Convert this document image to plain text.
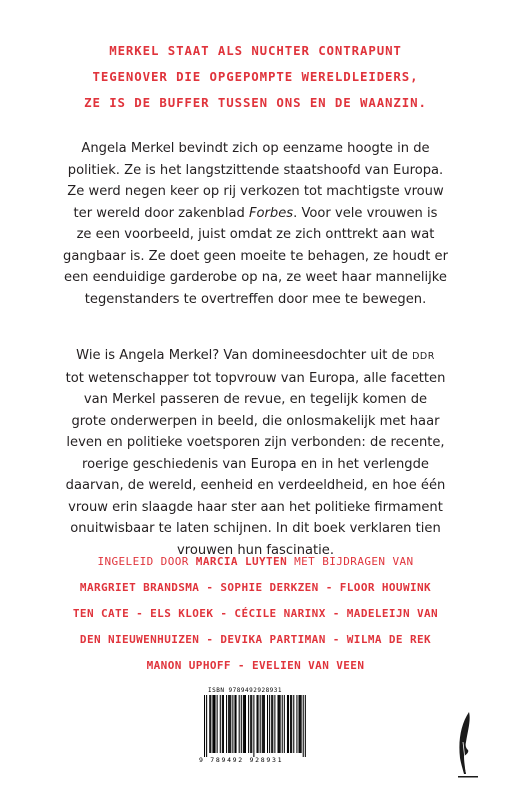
MERKEL STAAT ALS NUCHTER CONTRAPUNT
TEGENOVER DIE OPGEPOMPTE WERELDLEIDERS,
ZE IS DE BUFFER TUSSEN ONS EN DE WAANZIN.
Angela Merkel bevindt zich op eenzame hoogte in de
politiek. Ze is het langstzittende staatshoofd van Europa.
Ze werd negen keer op rij verkozen tot machtigste vrouw
ter wereld door zakenblad Forbes. Voor vele vrouwen is
ze een voorbeeld, juist omdat ze zich onttrekt aan wat
gangbaar is. Ze doet geen moeite te behagen, ze houdt er
een eenduidige garderobe op na, ze weet haar mannelijke
tegenstanders te overtreffen door mee te bewegen.
Wie is Angela Merkel? Van domineesdochter uit de DDR
tot wetenschapper tot topvrouw van Europa, alle facetten
van Merkel passeren de revue, en tegelijk komen de
grote onderwerpen in beeld, die onlosmakelijk met haar
leven en politieke voetsporen zijn verbonden: de recente,
roerige geschiedenis van Europa en in het verlengde
daarvan, de wereld, eenheid en verdeeldheid, en hoe één
vrouw erin slaagde haar ster aan het politieke firmament
onuitwisbaar te laten schijnen. In dit boek verklaren tien
vrouwen hun fascinatie.
INGELEID DOOR MARCIA LUYTEN MET BIJDRAGEN VAN
MARGRIET BRANDSMA - SOPHIE DERKZEN - FLOOR HOUWINK
TEN CATE - ELS KLOEK - CÉCILE NARINX - MADELEIJN VAN
DEN NIEUWENHUIZEN - DEVIKA PARTIMAN - WILMA DE REK
MANON UPHOFF - EVELIEN VAN VEEN
ISBN 9789492928931
9 789492 928931
